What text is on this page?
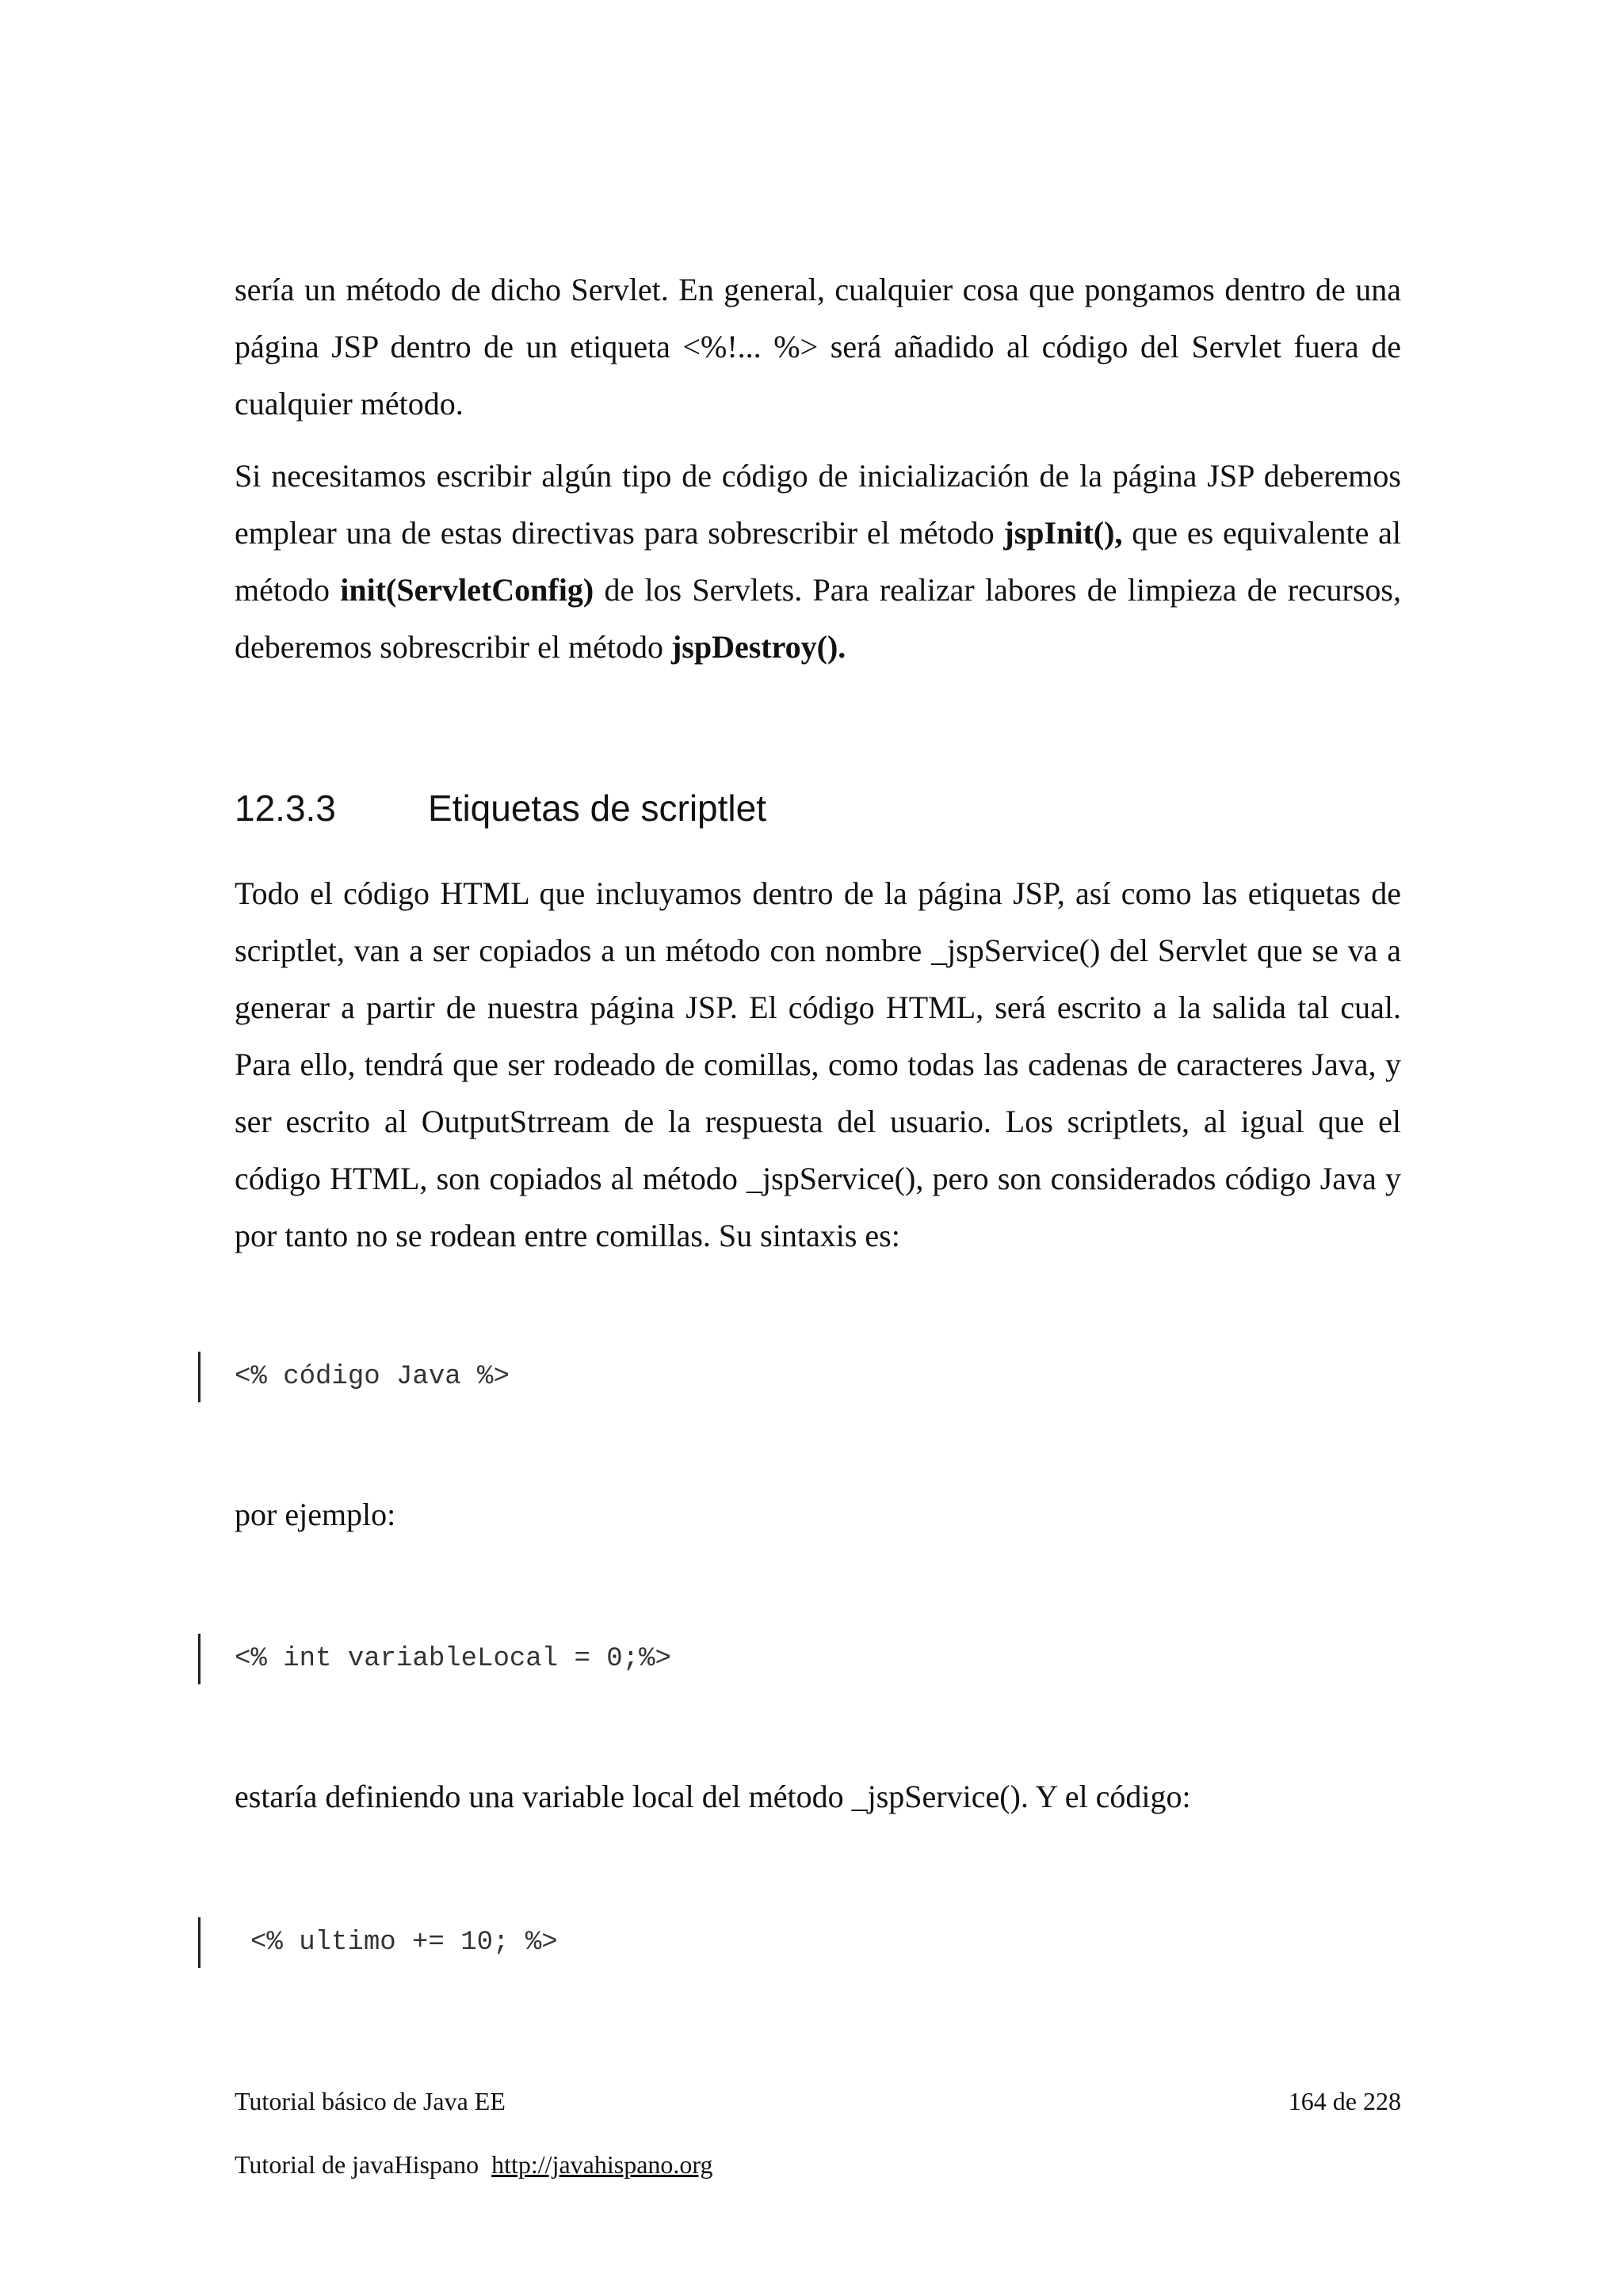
sería un método de dicho Servlet. En general, cualquier cosa que pongamos dentro de una página JSP dentro de un etiqueta <%!... %> será añadido al código del Servlet fuera de cualquier método.

Si necesitamos escribir algún tipo de código de inicialización de la página JSP deberemos emplear una de estas directivas para sobrescribir el método jspInit(), que es equivalente al método init(ServletConfig) de los Servlets. Para realizar labores de limpieza de recursos, deberemos sobrescribir el método jspDestroy().

12.3.3	Etiquetas de scriptlet

Todo el código HTML que incluyamos dentro de la página JSP, así como las etiquetas de scriptlet, van a ser copiados a un método con nombre _jspService() del Servlet que se va a generar a partir de nuestra página JSP. El código HTML, será escrito a la salida tal cual. Para ello, tendrá que ser rodeado de comillas, como todas las cadenas de caracteres Java, y ser escrito al OutputStrream de la respuesta del usuario. Los scriptlets, al igual que el código HTML, son copiados al método _jspService(), pero son considerados código Java y por tanto no se rodean entre comillas. Su sintaxis es:

<% código Java %>

por ejemplo:

<% int variableLocal = 0;%>

estaría definiendo una variable local del método _jspService(). Y el código:

<% ultimo += 10; %>
Tutorial básico de Java EE	164 de 228
Tutorial de javaHispano http://javahispano.org
